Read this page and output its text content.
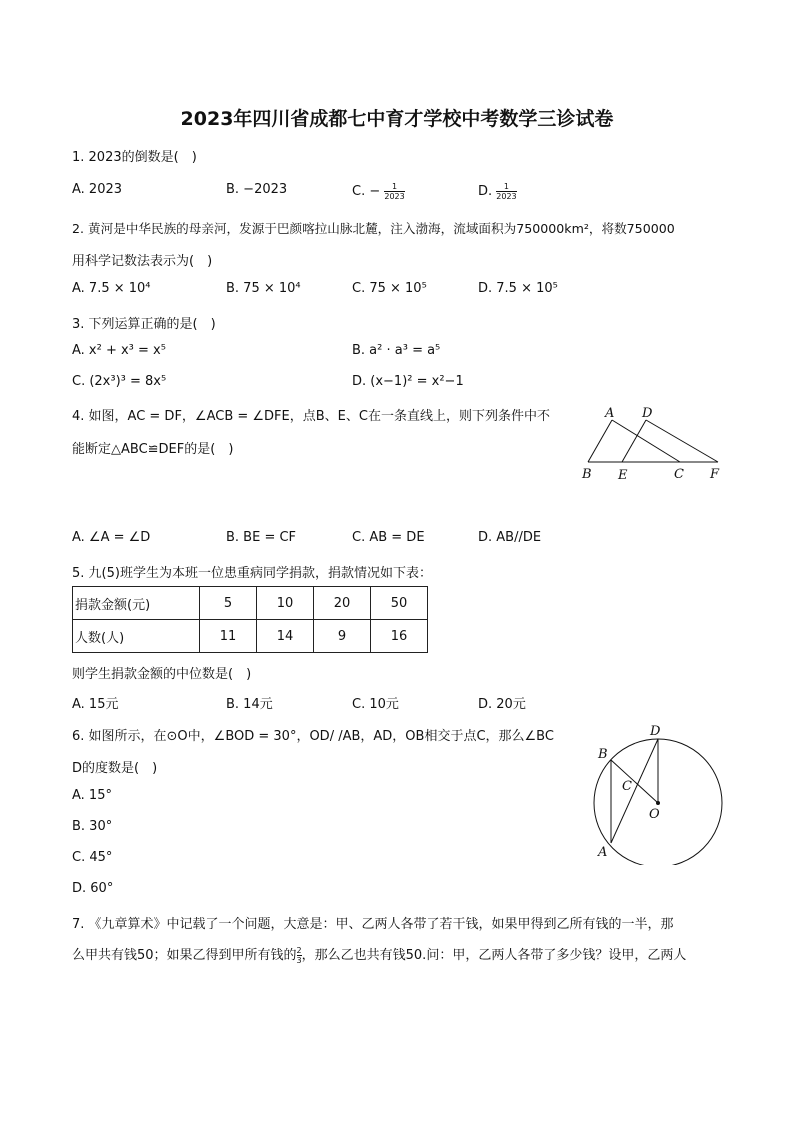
2023年四川省成都七中育才学校中考数学三诊试卷
1. 2023的倒数是(　)
A. 2023	B. −2023	C. − $\frac{1}{2023}$	D. $\frac{1}{2023}$
2. 黄河是中华民族的母亲河，发源于巴颜喀拉山脉北麓，注入渤海，流域面积为750000km²，将数750000
用科学记数法表示为(　)
A. 7.5 × 10⁴	B. 75 × 10⁴	C. 75 × 10⁵	D. 7.5 × 10⁵
3. 下列运算正确的是(　)
A. x² + x³ = x⁵	B. a² · a³ = a⁵
C. (2x³)³ = 8x⁵	D. (x−1)² = x²−1
4. 如图，AC = DF，∠ACB = ∠DFE，点B、E、C在一条直线上，则下列条件中不
能断定△ABC≌DEF的是(　)
A D
B E	C F
A. ∠A = ∠D	B. BE = CF	C. AB = DE	D. AB//DE
5. 九(5)班学生为本班一位患重病同学捐款，捐款情况如下表：
捐款金额(元)	5	10	20	50
人数(人)	11	14	9	16
则学生捐款金额的中位数是(　)
A. 15元	B. 14元	C. 10元	D. 20元
6. 如图所示，在⊙O中，∠BOD = 30°，OD/ /AB，AD，OB相交于点C，那么∠BC
D的度数是(　)
A. 15°
B. 30°
C. 45°
D. 60°
D
B
C
O
A
7. 《九章算术》中记载了一个问题，大意是：甲、乙两人各带了若干钱，如果甲得到乙所有钱的一半，那
么甲共有钱50；如果乙得到甲所有钱的 $\frac{2}{3}$ ，那么乙也共有钱50.问：甲，乙两人各带了多少钱？设甲，乙两人
